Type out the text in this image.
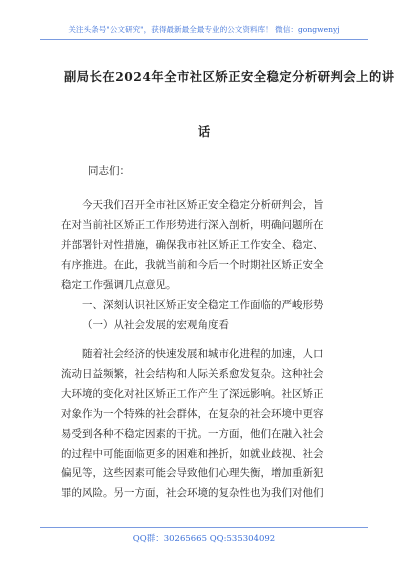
关注头条号"公文研究"，获得最新最全最专业的公文资料库！ 微信：gongwenyj
副局长在2024年全市社区矫正安全稳定分析研判会上的讲
话
同志们：
今天我们召开全市社区矫正安全稳定分析研判会，旨
在对当前社区矫正工作形势进行深入剖析，明确问题所在
并部署针对性措施，确保我市社区矫正工作安全、稳定、
有序推进。在此，我就当前和今后一个时期社区矫正安全
稳定工作强调几点意见。
一、深刻认识社区矫正安全稳定工作面临的严峻形势
（一）从社会发展的宏观角度看
随着社会经济的快速发展和城市化进程的加速，人口
流动日益频繁，社会结构和人际关系愈发复杂。这种社会
大环境的变化对社区矫正工作产生了深远影响。社区矫正
对象作为一个特殊的社会群体，在复杂的社会环境中更容
易受到各种不稳定因素的干扰。一方面，他们在融入社会
的过程中可能面临更多的困难和挫折，如就业歧视、社会
偏见等，这些因素可能会导致他们心理失衡，增加重新犯
罪的风险。另一方面，社会环境的复杂性也为我们对他们
QQ群：30265665 QQ:535304092
